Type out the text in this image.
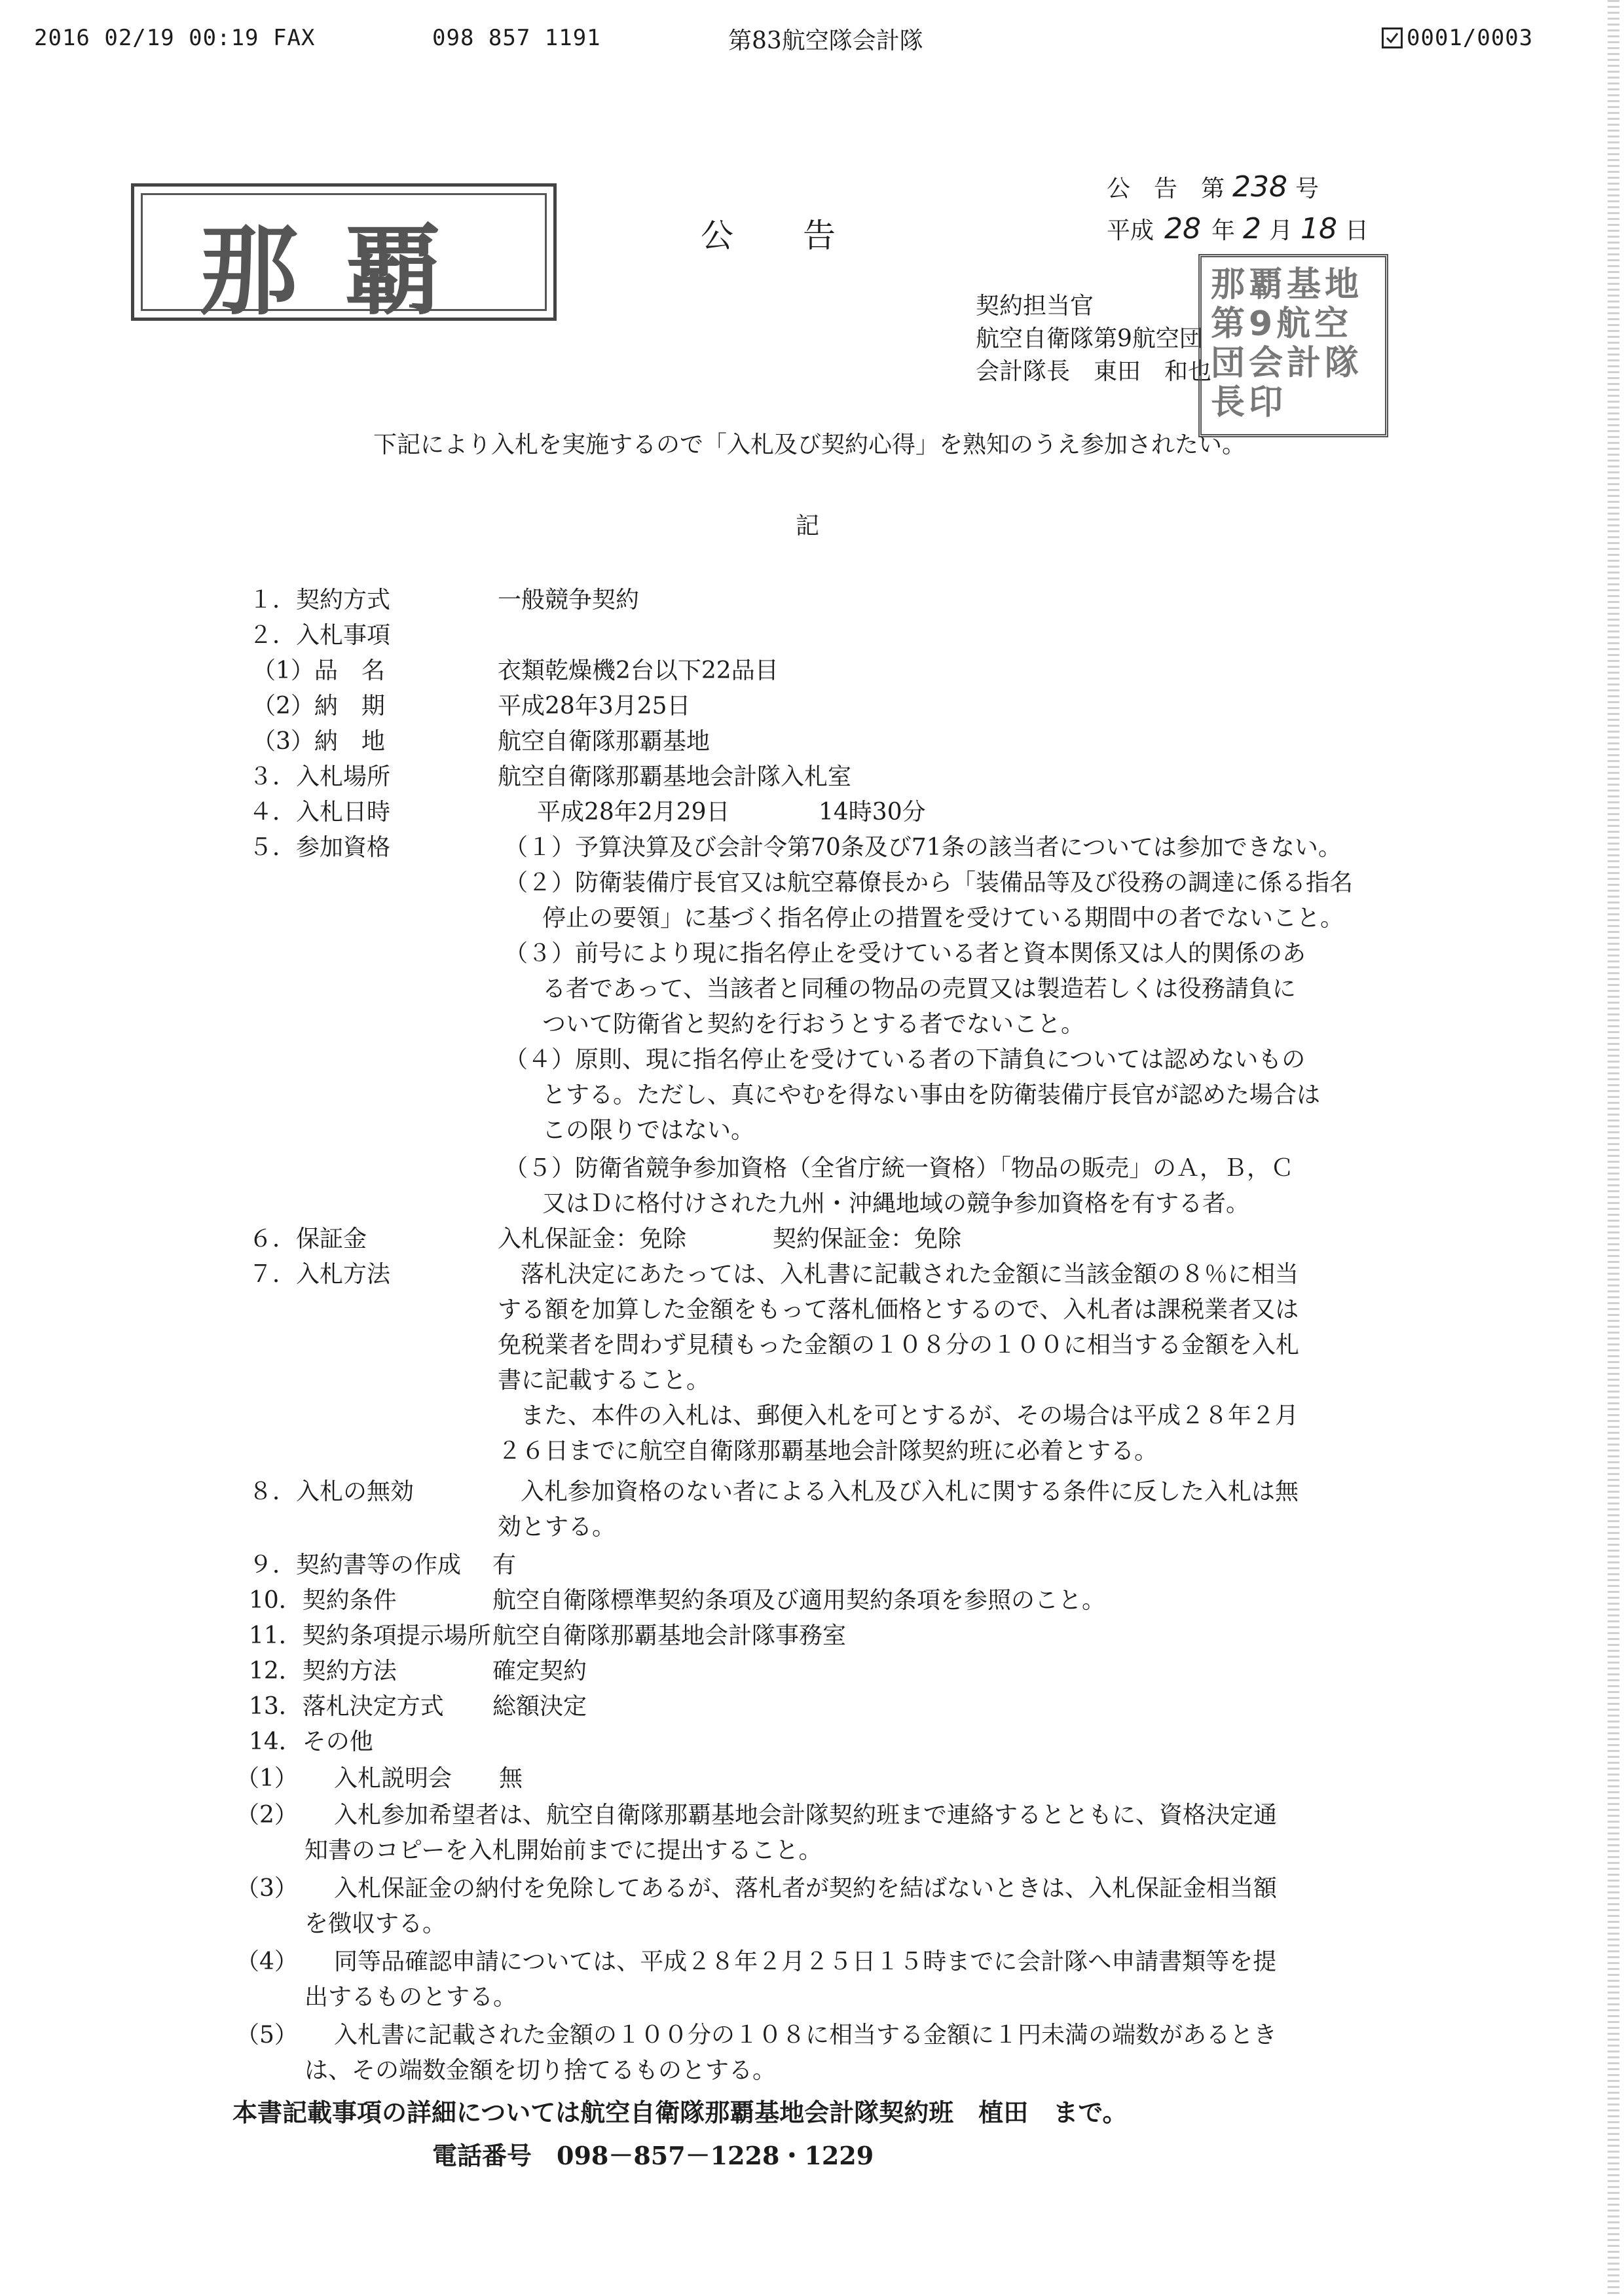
2016 02/19 00:19 FAX	098 857 1191	第83航空隊会計隊	0001/0003
那覇	公　　告
公　告　第 238 号
平成 28 年 2 月 18 日
契約担当官
航空自衛隊第9航空団
会計隊長　東田　和也
那覇基地第9航空団会計隊長印
下記により入札を実施するので「入札及び契約心得」を熟知のうえ参加されたい。
記
１．契約方式	一般競争契約
２．入札事項
（1）品　名	衣類乾燥機2台以下22品目
（2）納　期	平成28年3月25日
（3）納　地	航空自衛隊那覇基地
３．入札場所	航空自衛隊那覇基地会計隊入札室
４．入札日時	平成28年2月29日	14時30分
５．参加資格	（１）予算決算及び会計令第70条及び71条の該当者については参加できない。
（２）防衛装備庁長官又は航空幕僚長から「装備品等及び役務の調達に係る指名
停止の要領」に基づく指名停止の措置を受けている期間中の者でないこと。
（３）前号により現に指名停止を受けている者と資本関係又は人的関係のあ
る者であって、当該者と同種の物品の売買又は製造若しくは役務請負に
ついて防衛省と契約を行おうとする者でないこと。
（４）原則、現に指名停止を受けている者の下請負については認めないもの
とする。ただし、真にやむを得ない事由を防衛装備庁長官が認めた場合は
この限りではない。
（５）防衛省競争参加資格（全省庁統一資格）「物品の販売」のＡ，Ｂ，Ｃ
又はＤに格付けされた九州・沖縄地域の競争参加資格を有する者。
６．保証金	入札保証金：免除	契約保証金：免除
７．入札方法	落札決定にあたっては、入札書に記載された金額に当該金額の８％に相当
する額を加算した金額をもって落札価格とするので、入札者は課税業者又は
免税業者を問わず見積もった金額の１０８分の１００に相当する金額を入札
書に記載すること。
また、本件の入札は、郵便入札を可とするが、その場合は平成２８年２月
２６日までに航空自衛隊那覇基地会計隊契約班に必着とする。
８．入札の無効	入札参加資格のない者による入札及び入札に関する条件に反した入札は無
効とする。
９．契約書等の作成 有
10．契約条件	航空自衛隊標準契約条項及び適用契約条項を参照のこと。
11．契約条項提示場所 航空自衛隊那覇基地会計隊事務室
12．契約方法	確定契約
13．落札決定方式 総額決定
14．その他
（1） 入札説明会　　無
（2） 入札参加希望者は、航空自衛隊那覇基地会計隊契約班まで連絡するとともに、資格決定通
知書のコピーを入札開始前までに提出すること。
（3） 入札保証金の納付を免除してあるが、落札者が契約を結ばないときは、入札保証金相当額
を徴収する。
（4） 同等品確認申請については、平成２８年２月２５日１５時までに会計隊へ申請書類等を提
出するものとする。
（5） 入札書に記載された金額の１００分の１０８に相当する金額に１円未満の端数があるとき
は、その端数金額を切り捨てるものとする。
本書記載事項の詳細については航空自衛隊那覇基地会計隊契約班　植田　まで。
電話番号　098－857－1228・1229
